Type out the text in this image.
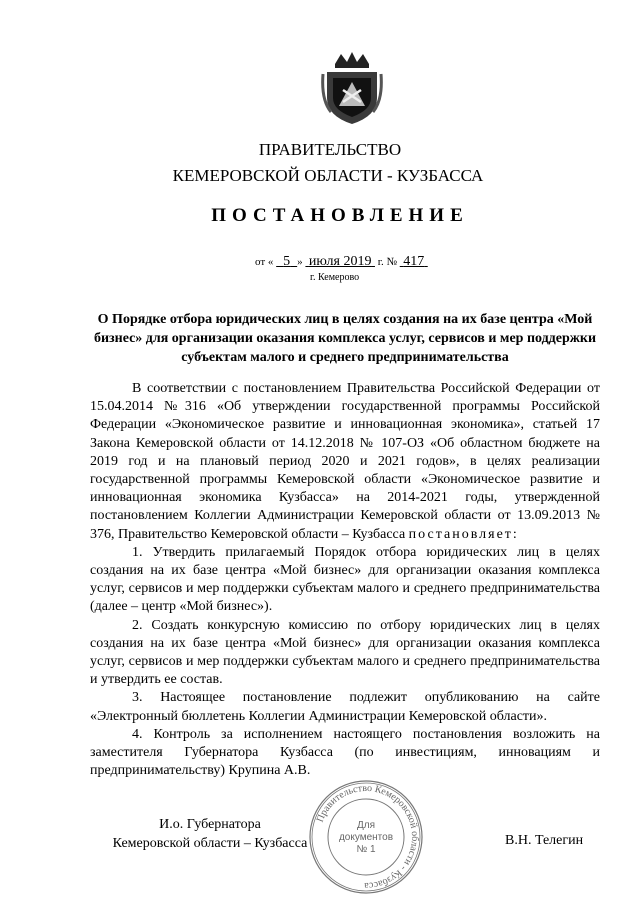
ПРАВИТЕЛЬСТВО
КЕМЕРОВСКОЙ ОБЛАСТИ - КУЗБАССА
ПОСТАНОВЛЕНИЕ
от « 5 » июля 2019 г. № 417
г. Кемерово
О Порядке отбора юридических лиц в целях создания на их базе центра «Мой бизнес» для организации оказания комплекса услуг, сервисов и мер поддержки субъектам малого и среднего предпринимательства

В соответствии с постановлением Правительства Российской Федерации от 15.04.2014 №316 «Об утверждении государственной программы Российской Федерации «Экономическое развитие и инновационная экономика», статьей 17 Закона Кемеровской области от 14.12.2018 № 107-ОЗ «Об областном бюджете на 2019 год и на плановый период 2020 и 2021 годов», в целях реализации государственной программы Кемеровской области «Экономическое развитие и инновационная экономика Кузбасса» на 2014-2021 годы, утвержденной постановлением Коллегии Администрации Кемеровской области от 13.09.2013 № 376, Правительство Кемеровской области – Кузбасса постановляет:

1. Утвердить прилагаемый Порядок отбора юридических лиц в целях создания на их базе центра «Мой бизнес» для организации оказания комплекса услуг, сервисов и мер поддержки субъектам малого и среднего предпринимательства (далее – центр «Мой бизнес»).

2. Создать конкурсную комиссию по отбору юридических лиц в целях создания на их базе центра «Мой бизнес» для организации оказания комплекса услуг, сервисов и мер поддержки субъектам малого и среднего предпринимательства и утвердить ее состав.

3. Настоящее постановление подлежит опубликованию на сайте «Электронный бюллетень Коллегии Администрации Кемеровской области».

4. Контроль за исполнением настоящего постановления возложить на заместителя Губернатора Кузбасса (по инвестициям, инновациям и предпринимательству) Крупина А.В.

И.о. Губернатора
Кемеровской области – Кузбасса	В.Н. Телегин
Правительство Кемеровской области - Кузбасса
Для
документов
№ 1
